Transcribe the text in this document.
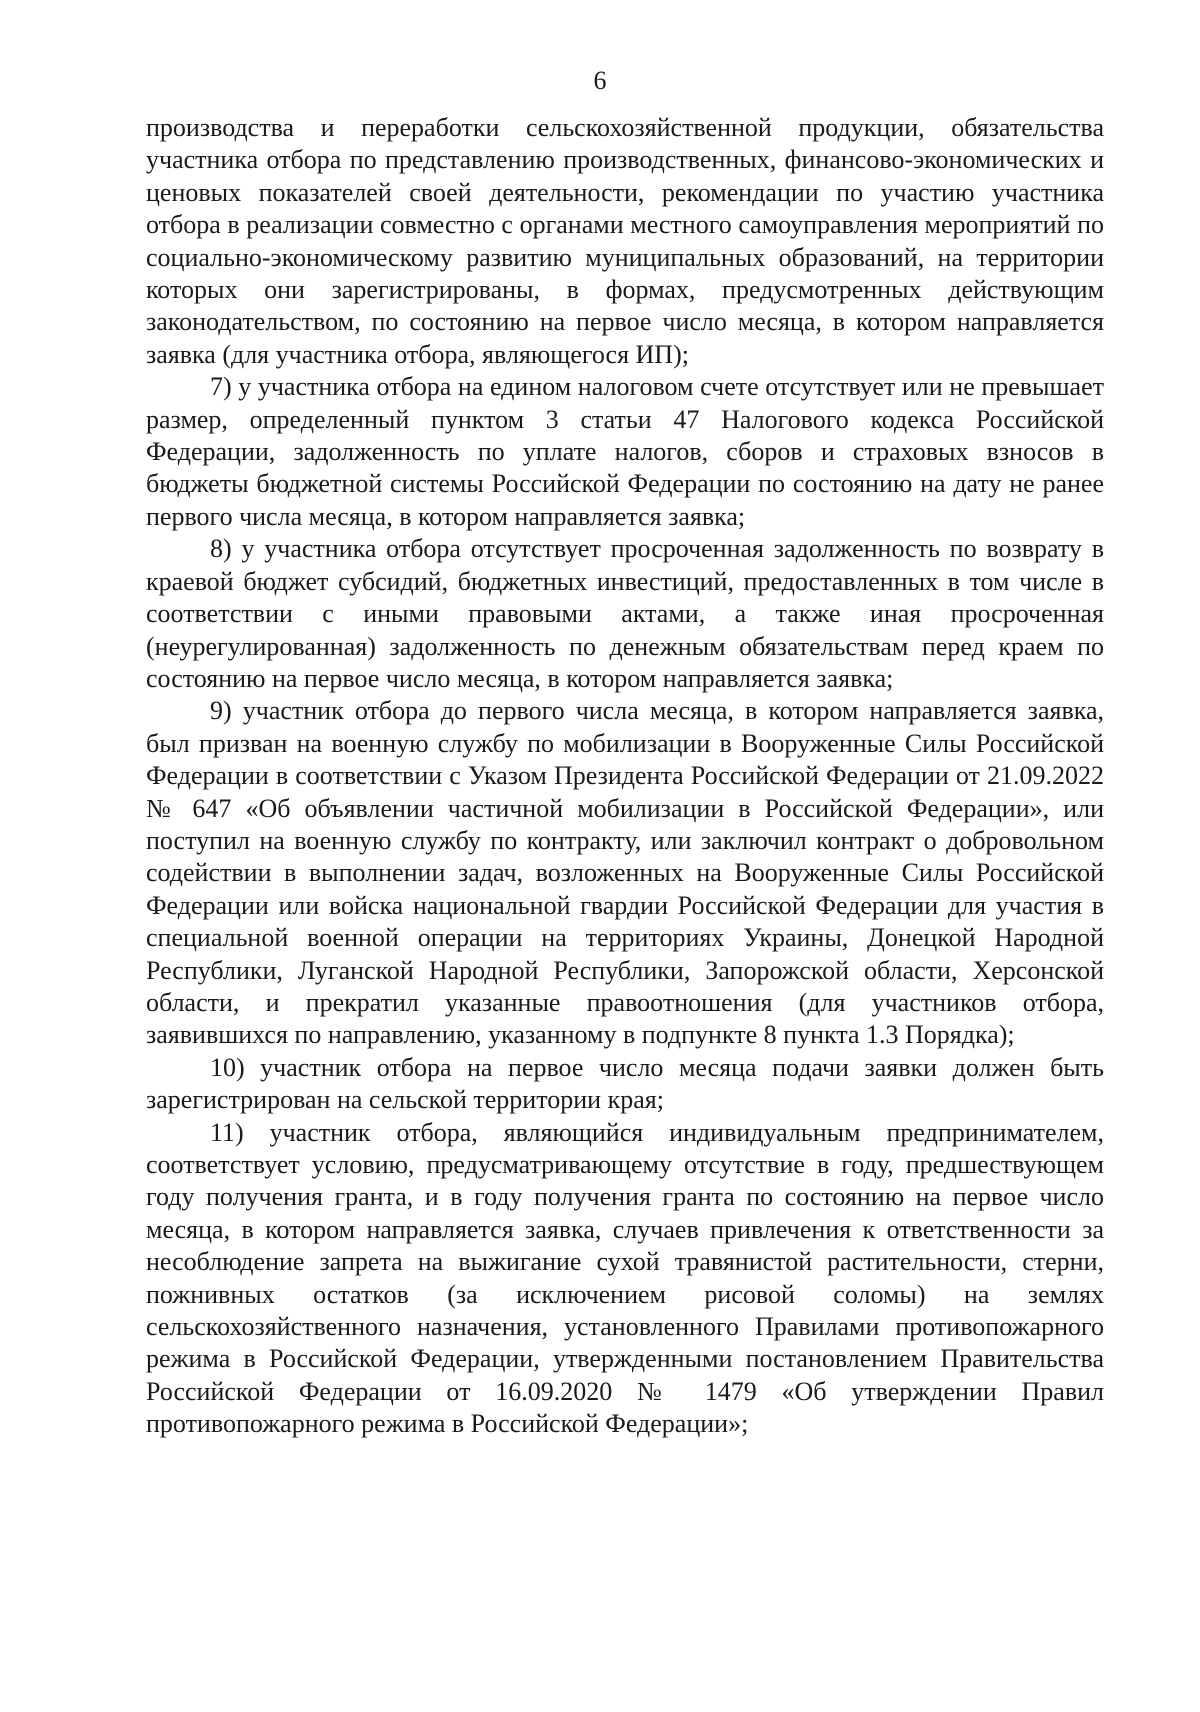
6

производства и переработки сельскохозяйственной продукции, обязательства участника отбора по представлению производственных, финансово-экономических и ценовых показателей своей деятельности, рекомендации по участию участника отбора в реализации совместно с органами местного самоуправления мероприятий по социально-экономическому развитию муниципальных образований, на территории которых они зарегистрированы, в формах, предусмотренных действующим законодательством, по состоянию на первое число месяца, в котором направляется заявка (для участника отбора, являющегося ИП);

7) у участника отбора на едином налоговом счете отсутствует или не превышает размер, определенный пунктом 3 статьи 47 Налогового кодекса Российской Федерации, задолженность по уплате налогов, сборов и страховых взносов в бюджеты бюджетной системы Российской Федерации по состоянию на дату не ранее первого числа месяца, в котором направляется заявка;

8) у участника отбора отсутствует просроченная задолженность по возврату в краевой бюджет субсидий, бюджетных инвестиций, предоставленных в том числе в соответствии с иными правовыми актами, а также иная просроченная (неурегулированная) задолженность по денежным обязательствам перед краем по состоянию на первое число месяца, в котором направляется заявка;

9) участник отбора до первого числа месяца, в котором направляется заявка, был призван на военную службу по мобилизации в Вооруженные Силы Российской Федерации в соответствии с Указом Президента Российской Федерации от 21.09.2022 № 647 «Об объявлении частичной мобилизации в Российской Федерации», или поступил на военную службу по контракту, или заключил контракт о добровольном содействии в выполнении задач, возложенных на Вооруженные Силы Российской Федерации или войска национальной гвардии Российской Федерации для участия в специальной военной операции на территориях Украины, Донецкой Народной Республики, Луганской Народной Республики, Запорожской области, Херсонской области, и прекратил указанные правоотношения (для участников отбора, заявившихся по направлению, указанному в подпункте 8 пункта 1.3 Порядка);

10) участник отбора на первое число месяца подачи заявки должен быть зарегистрирован на сельской территории края;

11) участник отбора, являющийся индивидуальным предпринимателем, соответствует условию, предусматривающему отсутствие в году, предшествующем году получения гранта, и в году получения гранта по состоянию на первое число месяца, в котором направляется заявка, случаев привлечения к ответственности за несоблюдение запрета на выжигание сухой травянистой растительности, стерни, пожнивных остатков (за исключением рисовой соломы) на землях сельскохозяйственного назначения, установленного Правилами противопожарного режима в Российской Федерации, утвержденными постановлением Правительства Российской Федерации от 16.09.2020 № 1479 «Об утверждении Правил противопожарного режима в Российской Федерации»;
